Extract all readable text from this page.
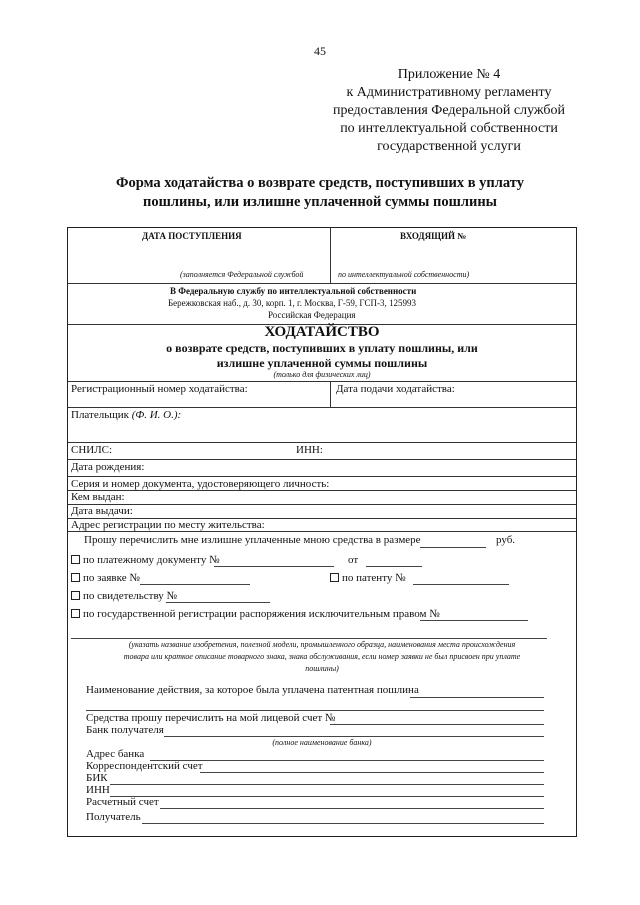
45
Приложение № 4
к Административному регламенту
предоставления Федеральной службой
по интеллектуальной собственности
государственной услуги
Форма ходатайства о возврате средств, поступивших в уплату
пошлины, или излишне уплаченной суммы пошлины
ДАТА ПОСТУПЛЕНИЯ	ВХОДЯЩИЙ №
(заполняется Федеральной службой	по интеллектуальной собственности)
В Федеральную службу по интеллектуальной собственности
Бережковская наб., д. 30, корп. 1, г. Москва, Г-59, ГСП-3, 125993
Российская Федерация
ХОДАТАЙСТВО
о возврате средств, поступивших в уплату пошлины, или
излишне уплаченной суммы пошлины
(только для физических лиц)
Регистрационный номер ходатайства:	Дата подачи ходатайства:
Плательщик (Ф. И. О.):
СНИЛС:	ИНН:
Дата рождения:
Серия и номер документа, удостоверяющего личность:
Кем выдан:
Дата выдачи:
Адрес регистрации по месту жительства:
Прошу перечислить мне излишне уплаченные мною средства в размере	руб.
по платежному документу №	от
по заявке №	по патенту №
по свидетельству №
по государственной регистрации распоряжения исключительным правом №
(указать название изобретения, полезной модели, промышленного образца, наименования места происхождения
товара или краткое описание товарного знака, знака обслуживания, если номер заявки не был присвоен при уплате
пошлины)
Наименование действия, за которое была уплачена патентная пошлина
Средства прошу перечислить на мой лицевой счет №
Банк получателя
(полное наименование банка)
Адрес банка
Корреспондентский счет
БИК
ИНН
Расчетный счет
Получатель
